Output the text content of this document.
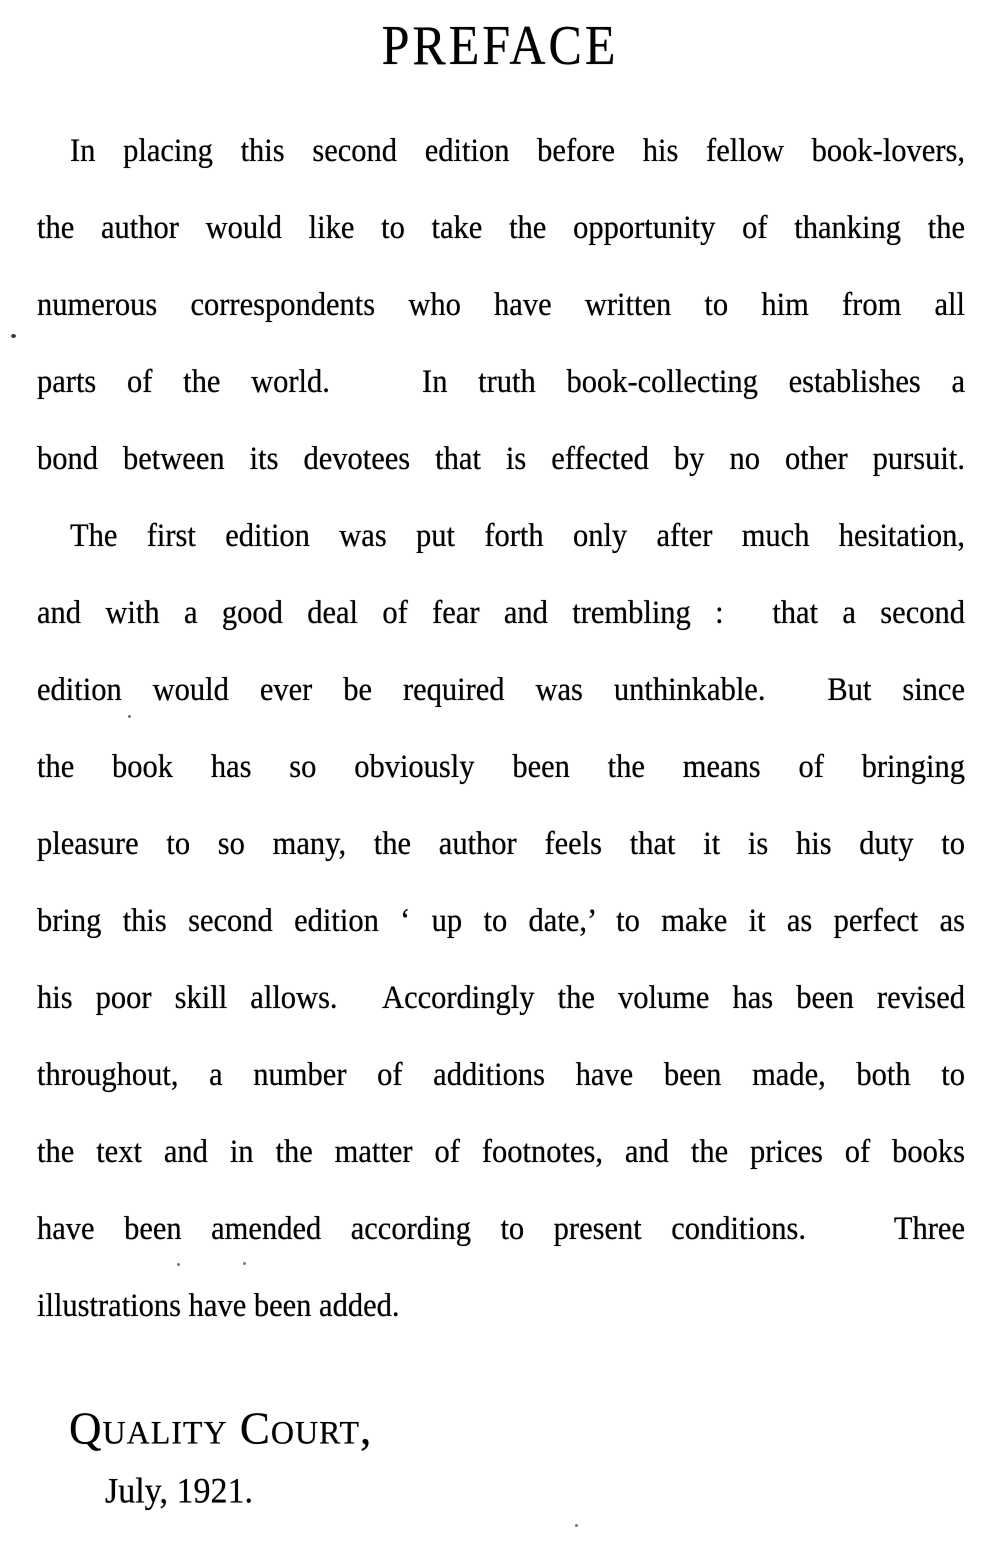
PREFACE
In placing this second edition before his fellow book-lovers,
the author would like to take the opportunity of thanking the
numerous correspondents who have written to him from all
parts of the world.   In truth book-collecting establishes a
bond between its devotees that is effected by no other pursuit.
The first edition was put forth only after much hesitation,
and with a good deal of fear and trembling :  that a second
edition would ever be required was unthinkable.  But since
the book has so obviously been the means of bringing
pleasure to so many, the author feels that it is his duty to
bring this second edition ‘ up to date,’ to make it as perfect as
his poor skill allows.  Accordingly the volume has been revised
throughout, a number of additions have been made, both to
the text and in the matter of footnotes, and the prices of books
have been amended according to present conditions.   Three
illustrations have been added.
Quality Court,
July, 1921.
